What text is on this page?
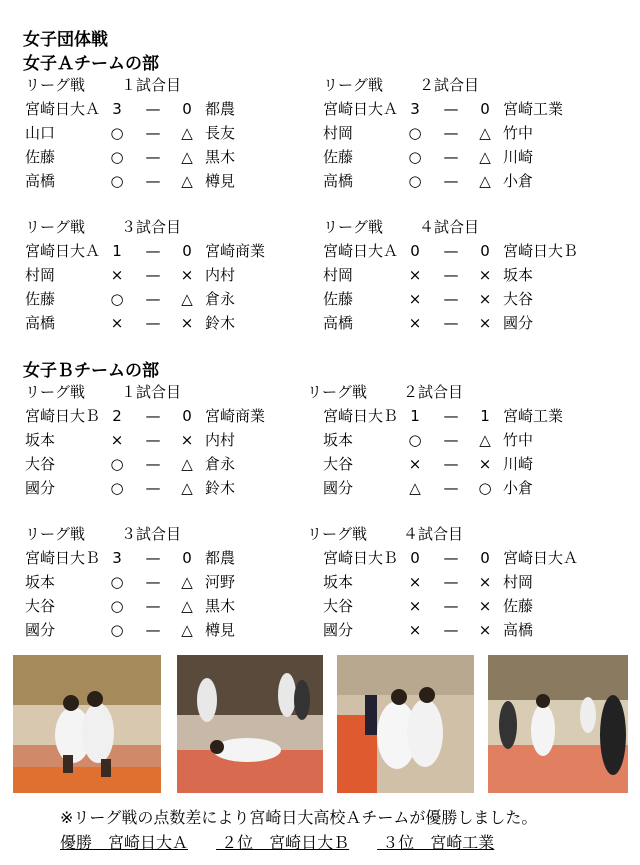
女子団体戦
女子Ａチームの部
リーグ戦 １試合目
宮崎日大Ａ 3	—	0 都農
山口	○ — △ 長友
佐藤	○ — △ 黒木
高橋	○ — △ 樽見
リーグ戦 ２試合目
宮崎日大Ａ 3	—	0 宮崎工業
村岡	○ — △ 竹中
佐藤	○ — △ 川崎
高橋	○ — △ 小倉
リーグ戦 ３試合目
宮崎日大Ａ 1	—	0 宮崎商業
村岡	× — × 内村
佐藤	○ — △ 倉永
高橋	× — × 鈴木
リーグ戦 ４試合目
宮崎日大Ａ 0	—	0 宮崎日大Ｂ
村岡	× — × 坂本
佐藤	× — × 大谷
高橋	× — × 國分
女子Ｂチームの部
リーグ戦 １試合目
宮崎日大Ｂ 2	—	0 宮崎商業
坂本	× — × 内村
大谷	○ — △ 倉永
國分	○ — △ 鈴木
リーグ戦 ２試合目
宮崎日大Ｂ 1	—	1 宮崎工業
坂本	○ — △ 竹中
大谷	× — × 川崎
國分	△ — ○ 小倉
リーグ戦 ３試合目
宮崎日大Ｂ 3	—	0 都農
坂本	○ — △ 河野
大谷	○ — △ 黒木
國分	○ — △ 樽見
リーグ戦 ４試合目
宮崎日大Ｂ 0	—	0 宮崎日大Ａ
坂本	× — × 村岡
大谷	× — × 佐藤
國分	× — × 高橋
※リーグ戦の点数差により宮崎日大高校Ａチームが優勝しました。
優勝　宮崎日大Ａ ２位　宮崎日大Ｂ ３位　宮崎工業
